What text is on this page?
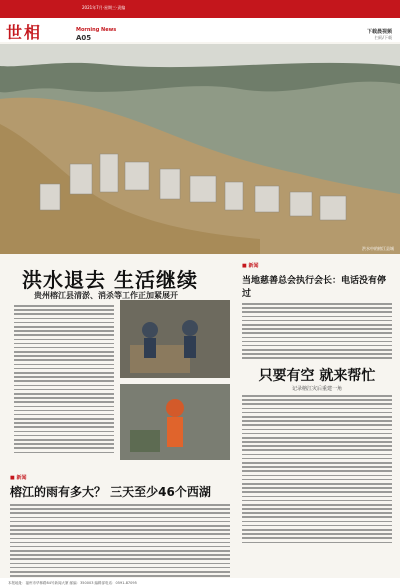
2021年7月·星期三·责编
世相	Morning News
A05
下载晨视频
扫码/下载
洪水中的榕江县城
洪水退去 生活继续
贵州榕江县清淤、消杀等工作正加紧展开
■ 新闻
当地慈善总会执行会长：电话没有停过
只要有空 就来帮忙
记录榕江灾后重建一角
■ 新闻
榕江的雨有多大？ 三天至少46个西湖
本报地址：福州市华林路84号新闻大厦 邮编：350003 编辑部电话：0591-87095
